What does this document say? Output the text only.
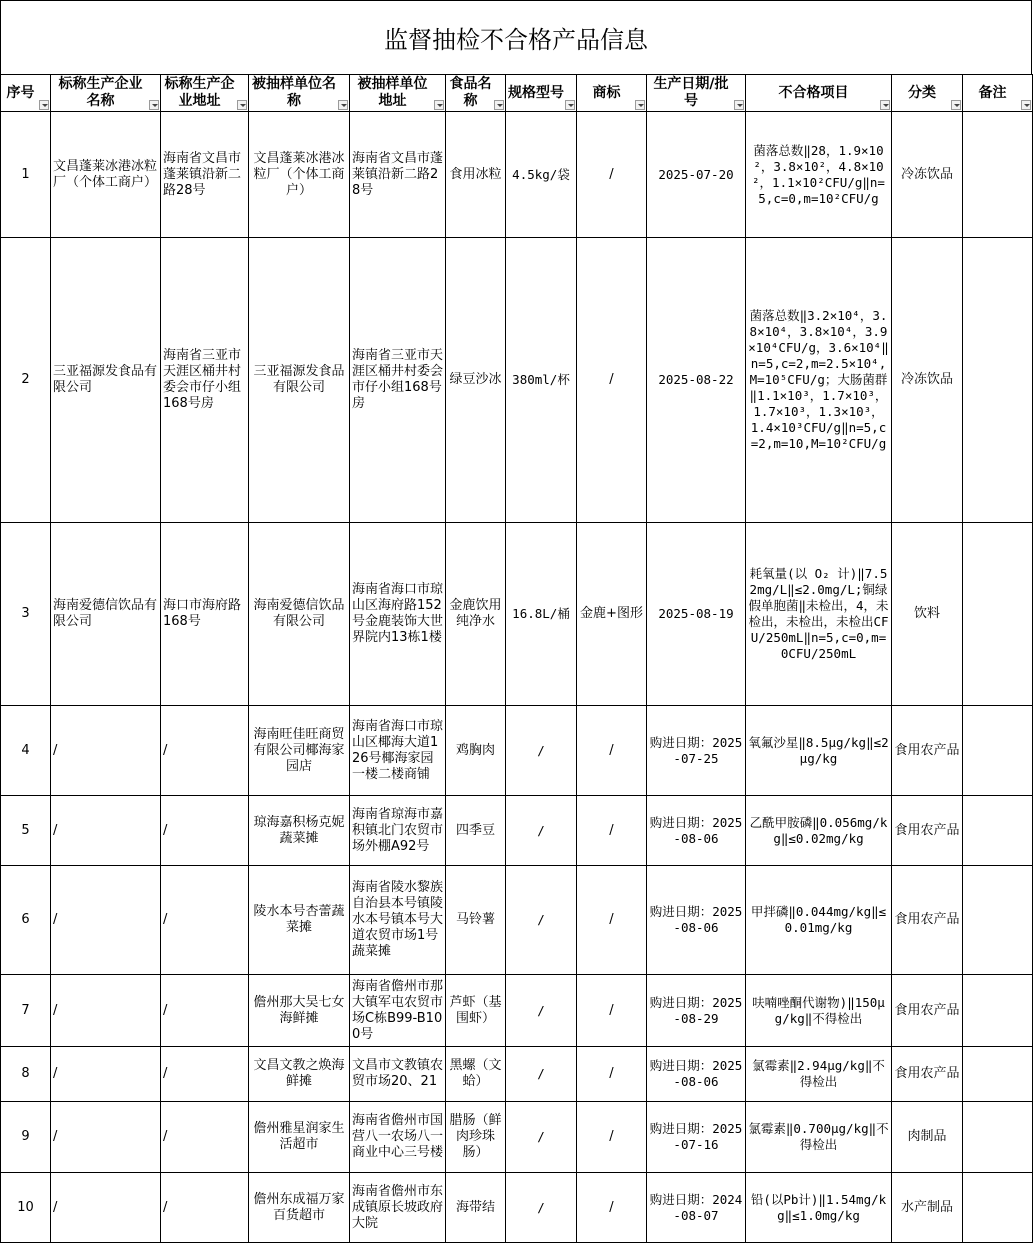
监督抽检不合格产品信息
序号	标称生产企业名称	标称生产企业地址	被抽样单位名称	被抽样单位地址	食品名称	规格型号	商标	生产日期/批号	不合格项目	分类	备注

1	文昌蓬莱冰港冰粒厂（个体工商户）	海南省文昌市蓬莱镇沿新二路28号	文昌蓬莱冰港冰粒厂（个体工商户）	海南省文昌市蓬莱镇沿新二路28号	食用冰粒	4.5kg/袋	/	2025-07-20	菌落总数‖28，1.9×10²，3.8×10²，4.8×10²，1.1×10²CFU/g‖n=5,c=0,m=10²CFU/g	冷冻饮品	
2	三亚福源发食品有限公司	海南省三亚市天涯区桶井村委会市仔小组168号房	三亚福源发食品有限公司	海南省三亚市天涯区桶井村委会市仔小组168号房	绿豆沙冰	380ml/杯	/	2025-08-22	菌落总数‖3.2×10⁴，3.8×10⁴，3.8×10⁴，3.9×10⁴CFU/g，3.6×10⁴‖n=5,c=2,m=2.5×10⁴,M=10⁵CFU/g；大肠菌群‖1.1×10³，1.7×10³，1.7×10³，1.3×10³，1.4×10³CFU/g‖n=5,c=2,m=10,M=10²CFU/g	冷冻饮品	
3	海南爱德信饮品有限公司	海口市海府路168号	海南爱德信饮品有限公司	海南省海口市琼山区海府路152号金鹿装饰大世界院内13栋1楼	金鹿饮用纯净水	16.8L/桶	金鹿+图形	2025-08-19	耗氧量(以 O₂ 计)‖7.52mg/L‖≤2.0mg/L;铜绿假单胞菌‖未检出，4，未检出，未检出，未检出CFU/250mL‖n=5,c=0,m=0CFU/250mL	饮料	
4	/	/	海南旺佳旺商贸有限公司椰海家园店	海南省海口市琼山区椰海大道126号椰海家园一楼二楼商铺	鸡胸肉	/	/	购进日期：2025-07-25	氧氟沙星‖8.5μg/kg‖≤2μg/kg	食用农产品	
5	/	/	琼海嘉积杨克妮蔬菜摊	海南省琼海市嘉积镇北门农贸市场外棚A92号	四季豆	/	/	购进日期：2025-08-06	乙酰甲胺磷‖0.056mg/kg‖≤0.02mg/kg	食用农产品	
6	/	/	陵水本号杏蕾蔬菜摊	海南省陵水黎族自治县本号镇陵水本号镇本号大道农贸市场1号蔬菜摊	马铃薯	/	/	购进日期：2025-08-06	甲拌磷‖0.044mg/kg‖≤0.01mg/kg	食用农产品	
7	/	/	儋州那大吴七女海鲜摊	海南省儋州市那大镇军屯农贸市场C栋B99-B100号	芦虾（基围虾）	/	/	购进日期：2025-08-29	呋喃唑酮代谢物)‖150μg/kg‖不得检出	食用农产品	
8	/	/	文昌文教之焕海鲜摊	文昌市文教镇农贸市场20、21	黑螺（文蛤）	/	/	购进日期：2025-08-06	氯霉素‖2.94μg/kg‖不得检出	食用农产品	
9	/	/	儋州雅星润家生活超市	海南省儋州市国营八一农场八一商业中心三号楼	腊肠（鲜肉珍珠肠）	/	/	购进日期：2025-07-16	氯霉素‖0.700μg/kg‖不得检出	肉制品	
10	/	/	儋州东成福万家百货超市	海南省儋州市东成镇原长坡政府大院	海带结	/	/	购进日期：2024-08-07	铅(以Pb计)‖1.54mg/kg‖≤1.0mg/kg	水产制品	
